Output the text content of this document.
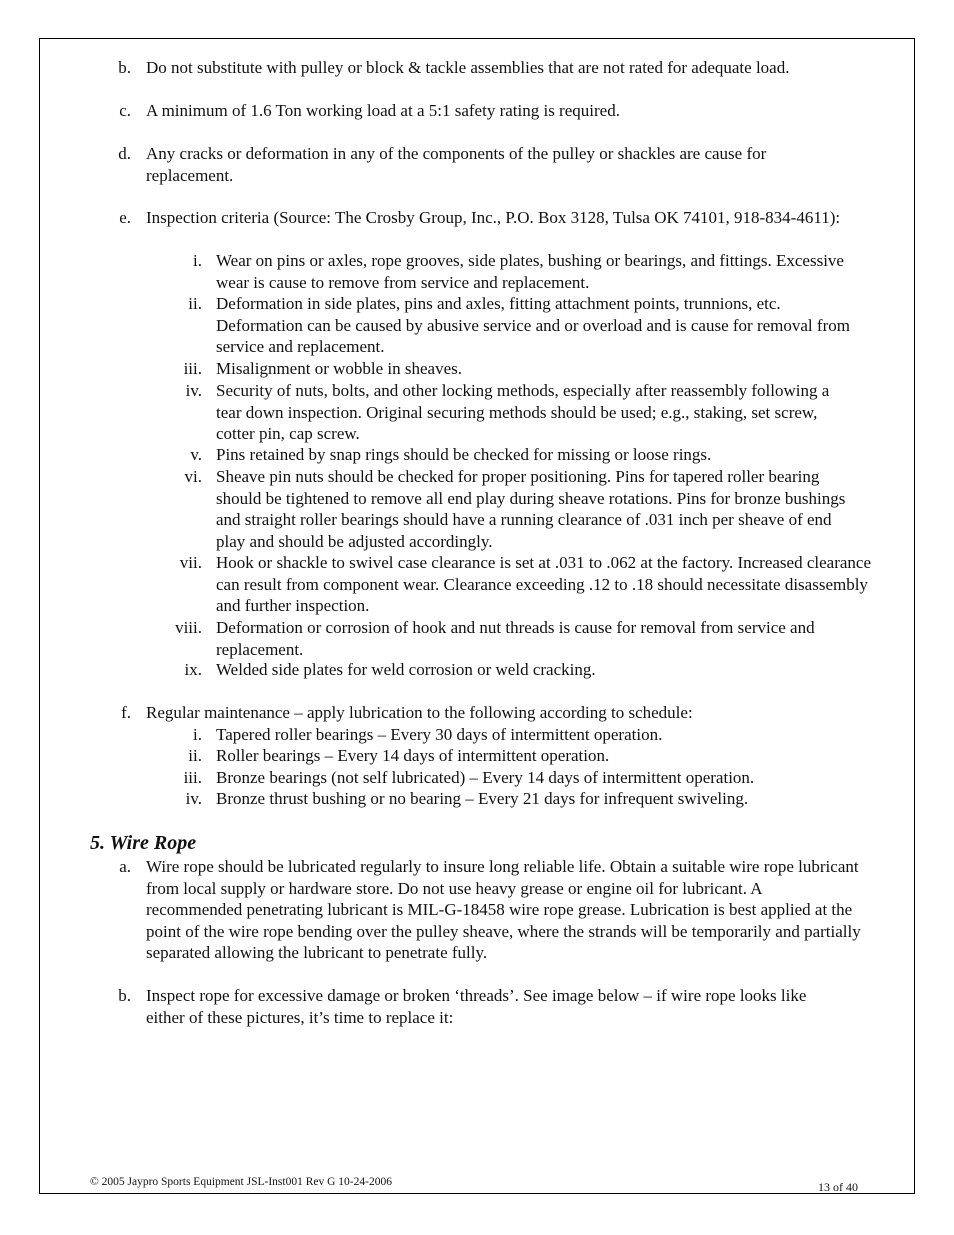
b. Do not substitute with pulley or block & tackle assemblies that are not rated for adequate load.
c. A minimum of 1.6 Ton working load at a 5:1 safety rating is required.
d. Any cracks or deformation in any of the components of the pulley or shackles are cause for replacement.
e. Inspection criteria (Source: The Crosby Group, Inc., P.O. Box 3128, Tulsa OK 74101, 918-834-4611):
i. Wear on pins or axles, rope grooves, side plates, bushing or bearings, and fittings. Excessive wear is cause to remove from service and replacement.
ii. Deformation in side plates, pins and axles, fitting attachment points, trunnions, etc. Deformation can be caused by abusive service and or overload and is cause for removal from service and replacement.
iii. Misalignment or wobble in sheaves.
iv. Security of nuts, bolts, and other locking methods, especially after reassembly following a tear down inspection. Original securing methods should be used; e.g., staking, set screw, cotter pin, cap screw.
v. Pins retained by snap rings should be checked for missing or loose rings.
vi. Sheave pin nuts should be checked for proper positioning. Pins for tapered roller bearing should be tightened to remove all end play during sheave rotations. Pins for bronze bushings and straight roller bearings should have a running clearance of .031 inch per sheave of end play and should be adjusted accordingly.
vii. Hook or shackle to swivel case clearance is set at .031 to .062 at the factory. Increased clearance can result from component wear. Clearance exceeding .12 to .18 should necessitate disassembly and further inspection.
viii. Deformation or corrosion of hook and nut threads is cause for removal from service and replacement.
ix. Welded side plates for weld corrosion or weld cracking.
f. Regular maintenance – apply lubrication to the following according to schedule:
i. Tapered roller bearings – Every 30 days of intermittent operation.
ii. Roller bearings – Every 14 days of intermittent operation.
iii. Bronze bearings (not self lubricated) – Every 14 days of intermittent operation.
iv. Bronze thrust bushing or no bearing – Every 21 days for infrequent swiveling.
5. Wire Rope
a. Wire rope should be lubricated regularly to insure long reliable life. Obtain a suitable wire rope lubricant from local supply or hardware store. Do not use heavy grease or engine oil for lubricant. A recommended penetrating lubricant is MIL-G-18458 wire rope grease. Lubrication is best applied at the point of the wire rope bending over the pulley sheave, where the strands will be temporarily and partially separated allowing the lubricant to penetrate fully.
b. Inspect rope for excessive damage or broken ‘threads’. See image below – if wire rope looks like either of these pictures, it’s time to replace it:
© 2005 Jaypro Sports Equipment JSL-Inst001 Rev G 10-24-2006	13 of 40
